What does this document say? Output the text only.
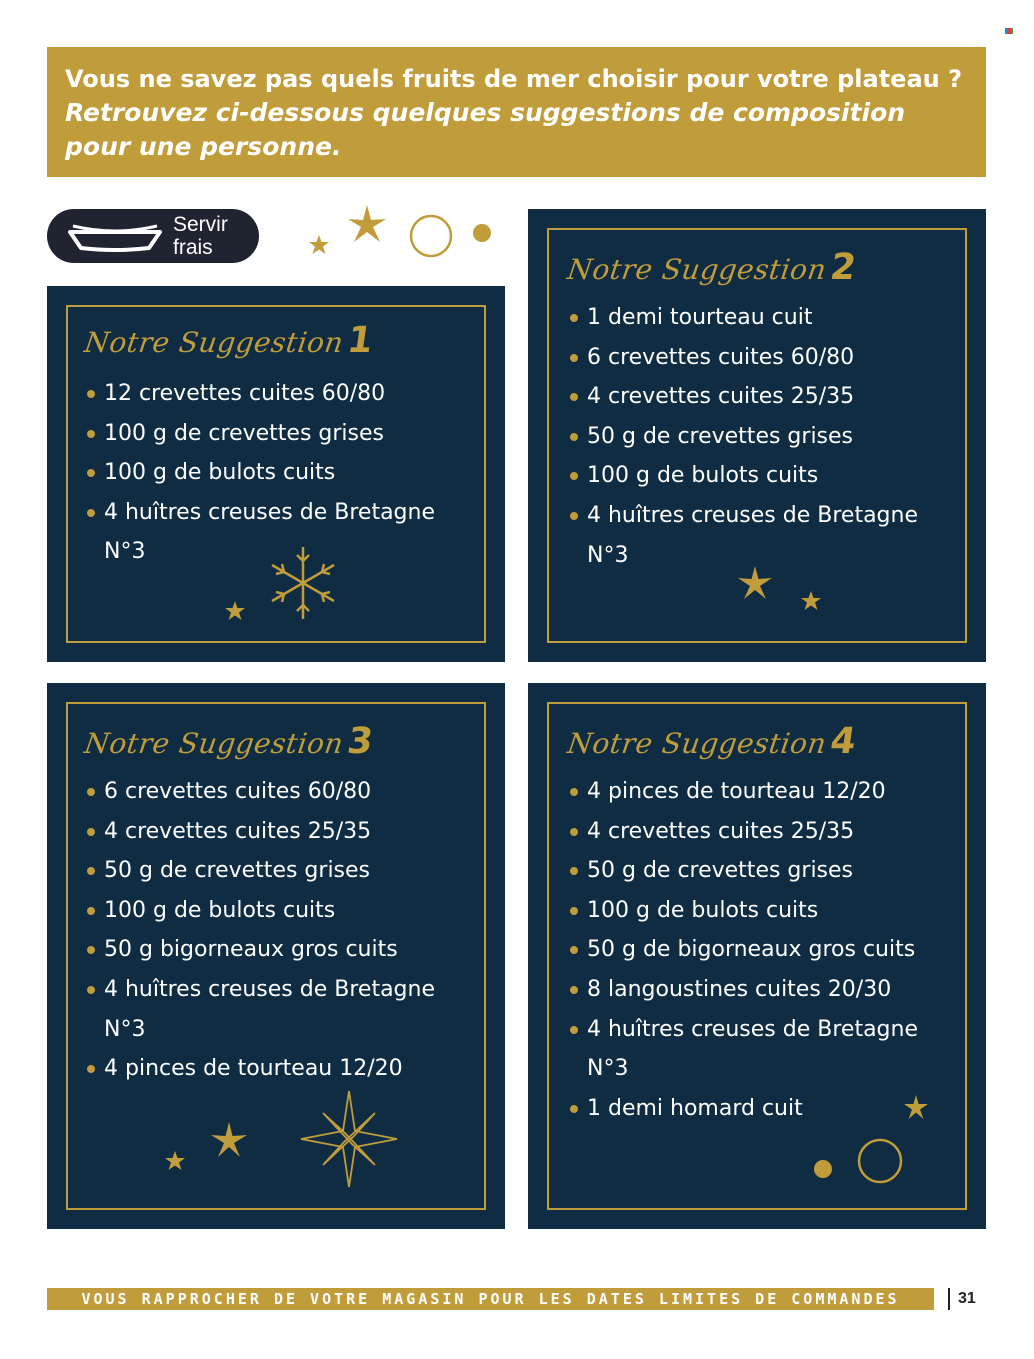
Vous ne savez pas quels fruits de mer choisir pour votre plateau ?
Retrouvez ci-dessous quelques suggestions de composition
pour une personne.
Servir
frais
Notre Suggestion1
12 crevettes cuites 60/80
100 g de crevettes grises
100 g de bulots cuits
4 huîtres creuses de Bretagne N°3
Notre Suggestion2
1 demi tourteau cuit
6 crevettes cuites 60/80
4 crevettes cuites 25/35
50 g de crevettes grises
100 g de bulots cuits
4 huîtres creuses de Bretagne N°3
Notre Suggestion3
6 crevettes cuites 60/80
4 crevettes cuites 25/35
50 g de crevettes grises
100 g de bulots cuits
50 g bigorneaux gros cuits
4 huîtres creuses de Bretagne N°3
4 pinces de tourteau 12/20
Notre Suggestion4
4 pinces de tourteau 12/20
4 crevettes cuites 25/35
50 g de crevettes grises
100 g de bulots cuits
50 g de bigorneaux gros cuits
8 langoustines cuites 20/30
4 huîtres creuses de Bretagne N°3
1 demi homard cuit
VOUS RAPPROCHER DE VOTRE MAGASIN POUR LES DATES LIMITES DE COMMANDES	31
